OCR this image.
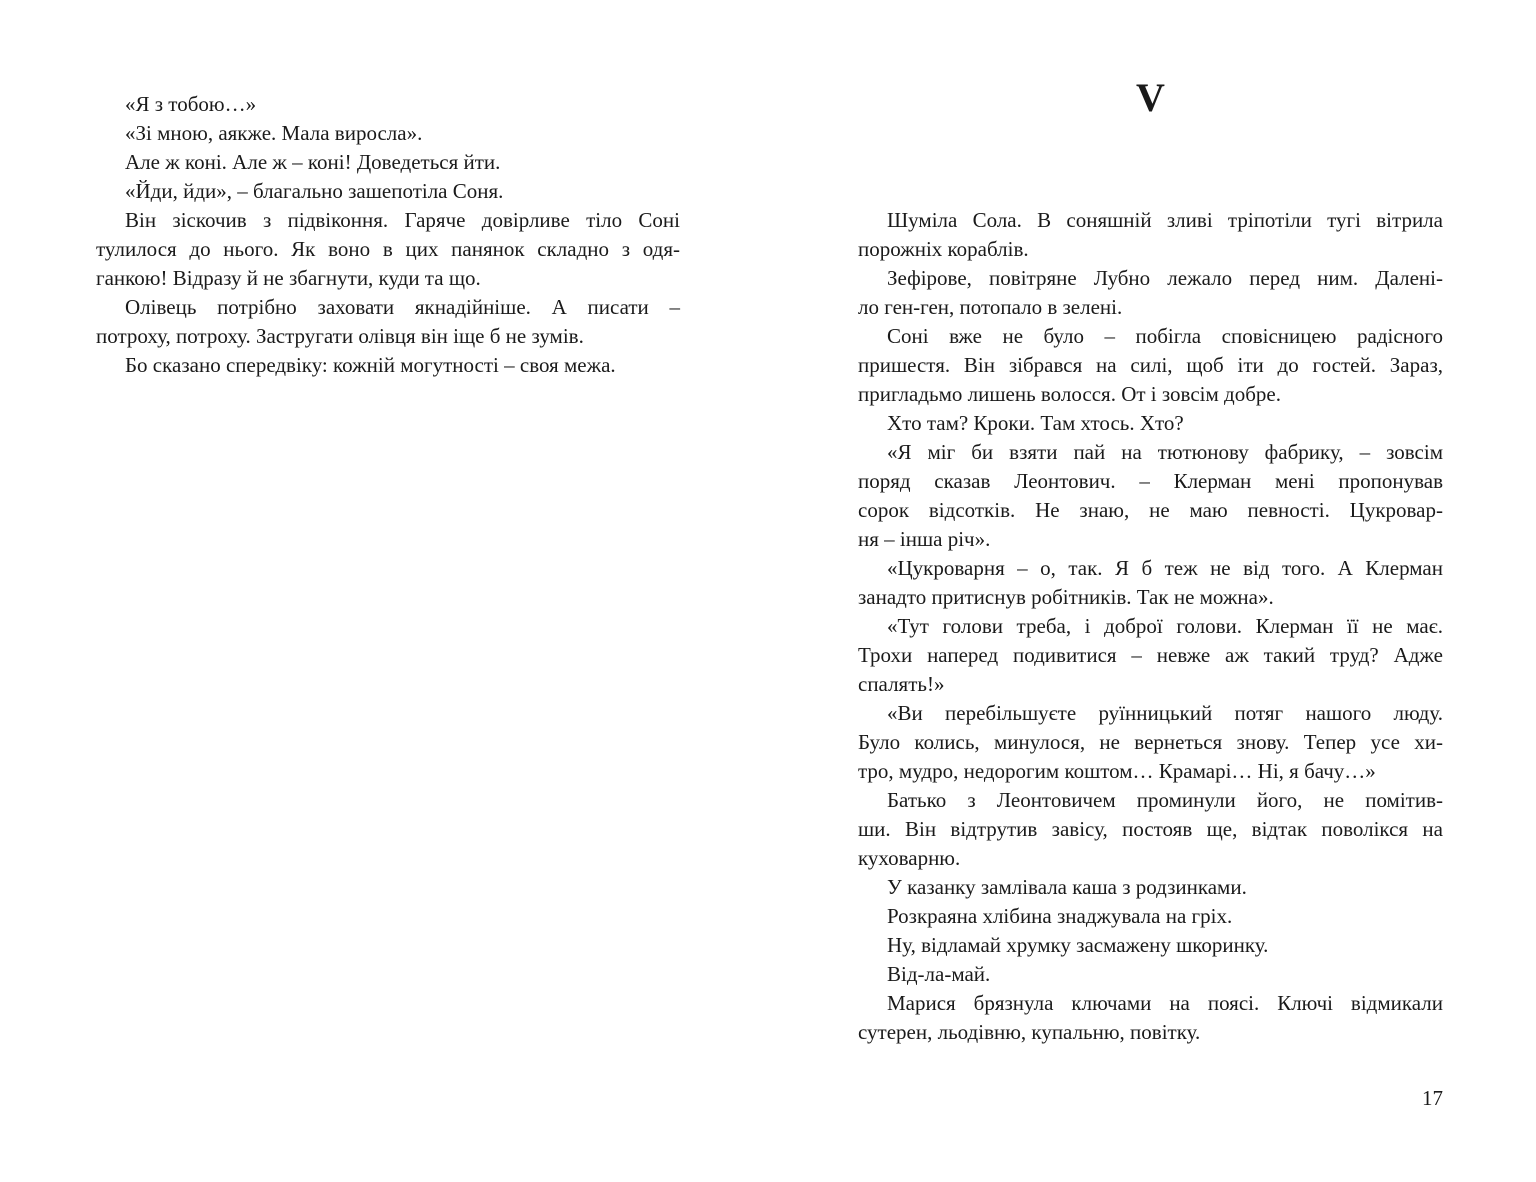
«Я з тобою…»
«Зі мною, аякже. Мала виросла».
Але ж коні. Але ж – коні! Доведеться йти.
«Йди, йди», – благально зашепотіла Соня.
Він зіскочив з підвіконня. Гаряче довірливе тіло Соні
тулилося до нього. Як воно в цих панянок складно з одя-
ганкою! Відразу й не збагнути, куди та що.
Олівець потрібно заховати якнадійніше. А писати –
потроху, потроху. Застругати олівця він іще б не зумів.
Бо сказано спередвіку: кожній могутності – своя межа.
V
Шуміла Сола. В соняшній зливі тріпотіли тугі вітрила
порожніх кораблів.
Зефірове, повітряне Лубно лежало перед ним. Далені-
ло ген-ген, потопало в зелені.
Соні вже не було – побігла сповісницею радісного
пришестя. Він зібрався на силі, щоб іти до гостей. Зараз,
пригладьмо лишень волосся. От і зовсім добре.
Хто там? Кроки. Там хтось. Хто?
«Я міг би взяти пай на тютюнову фабрику, – зовсім
поряд сказав Леонтович. – Клерман мені пропонував
сорок відсотків. Не знаю, не маю певності. Цукровар-
ня – інша річ».
«Цукроварня – о, так. Я б теж не від того. А Клерман
занадто притиснув робітників. Так не можна».
«Тут голови треба, і доброї голови. Клерман її не має.
Трохи наперед подивитися – невже аж такий труд? Адже
спалять!»
«Ви перебільшуєте руїнницький потяг нашого люду.
Було колись, минулося, не вернеться знову. Тепер усе хи-
тро, мудро, недорогим коштом… Крамарі… Ні, я бачу…»
Батько з Леонтовичем проминули його, не помітив-
ши. Він відтрутив завісу, постояв ще, відтак поволікся на
куховарню.
У казанку замлівала каша з родзинками.
Розкраяна хлібина знаджувала на гріх.
Ну, відламай хрумку засмажену шкоринку.
Від-ла-май.
Марися брязнула ключами на поясі. Ключі відмикали
сутерен, льодівню, купальню, повітку.
17
